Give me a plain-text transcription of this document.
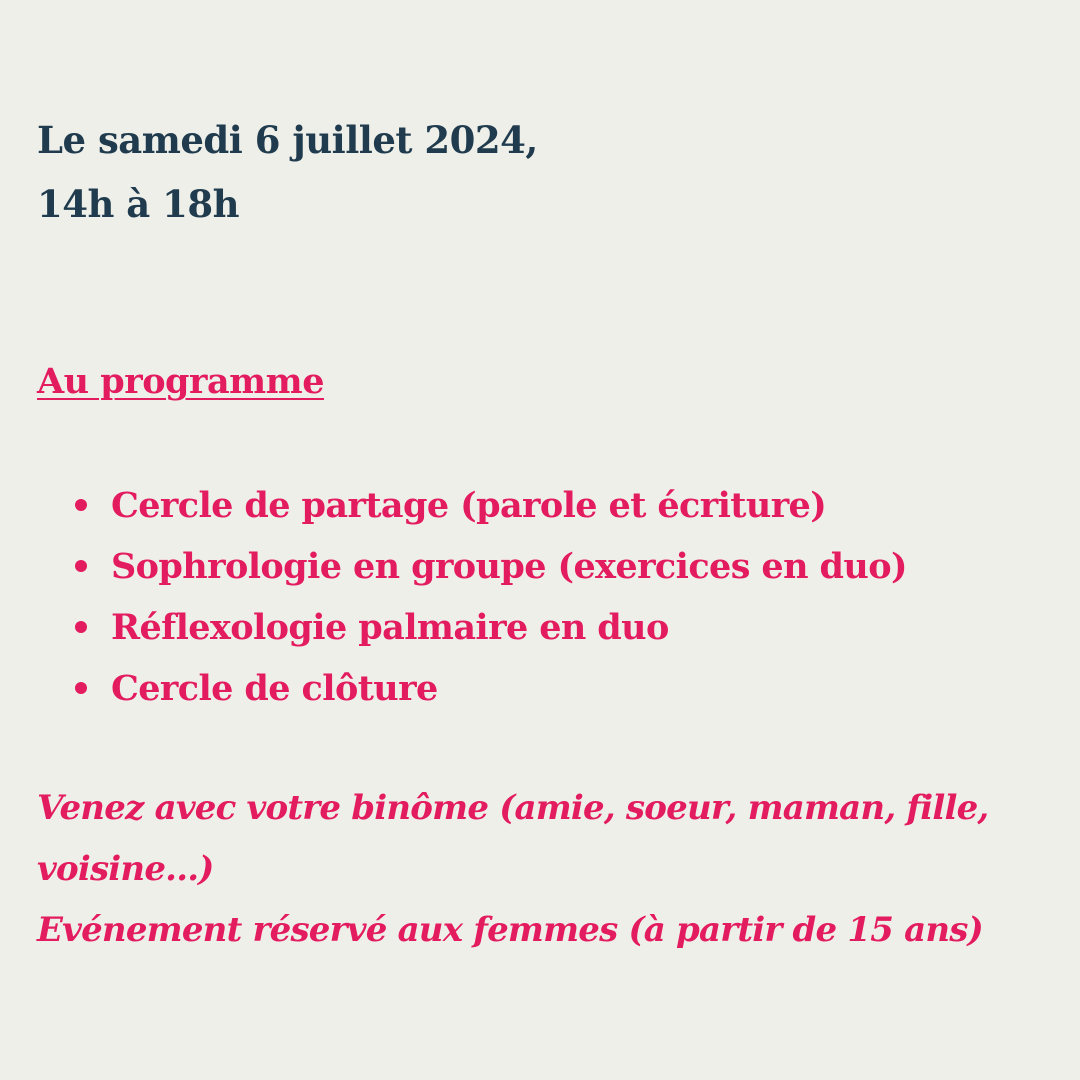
Le samedi 6 juillet 2024,
14h à 18h
Au programme
Cercle de partage (parole et écriture)
Sophrologie en groupe (exercices en duo)
Réflexologie palmaire en duo
Cercle de clôture
Venez avec votre binôme (amie, soeur, maman, fille,
voisine...)
Evénement réservé aux femmes (à partir de 15 ans)
